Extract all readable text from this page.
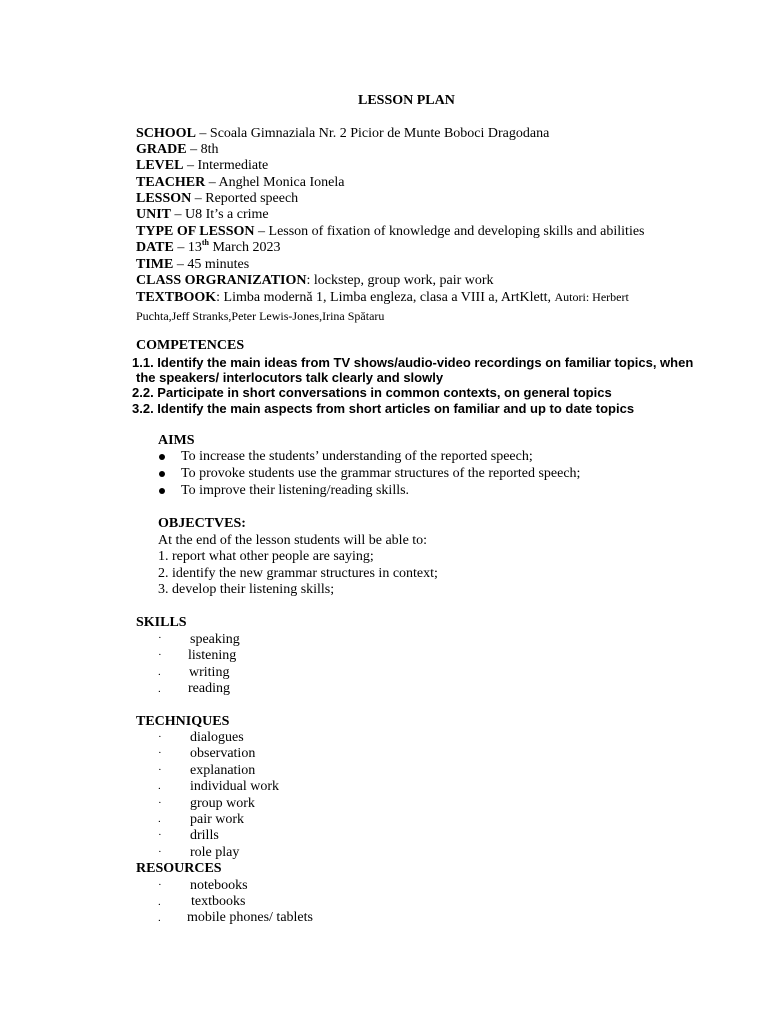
LESSON PLAN
SCHOOL – Scoala Gimnaziala Nr. 2 Picior de Munte Boboci Dragodana
GRADE – 8th
LEVEL – Intermediate
TEACHER – Anghel Monica Ionela
LESSON – Reported speech
UNIT – U8 It’s a crime
TYPE OF LESSON – Lesson of fixation of knowledge and developing skills and abilities
DATE – 13th March 2023
TIME – 45 minutes
CLASS ORGRANIZATION: lockstep, group work, pair work
TEXTBOOK: Limba modernă 1, Limba engleza, clasa a VIII a, ArtKlett, Autori: Herbert
Puchta,Jeff Stranks,Peter Lewis-Jones,Irina Spătaru
COMPETENCES
1.1. Identify the main ideas from TV shows/audio-video recordings on familiar topics, when
the speakers/ interlocutors talk clearly and slowly
2.2. Participate in short conversations in common contexts, on general topics
3.2. Identify the main aspects from short articles on familiar and up to date topics
AIMS
To increase the students’ understanding of the reported speech;
To provoke students use the grammar structures of the reported speech;
To improve their listening/reading skills.
OBJECTVES:
At the end of the lesson students will be able to:
1. report what other people are saying;
2. identify the new grammar structures in context;
3. develop their listening skills;
SKILLS
· speaking
· listening
. writing
. reading
TECHNIQUES
· dialogues
· observation
· explanation
. individual work
· group work
. pair work
· drills
· role play
RESOURCES
· notebooks
. textbooks
. mobile phones/ tablets
